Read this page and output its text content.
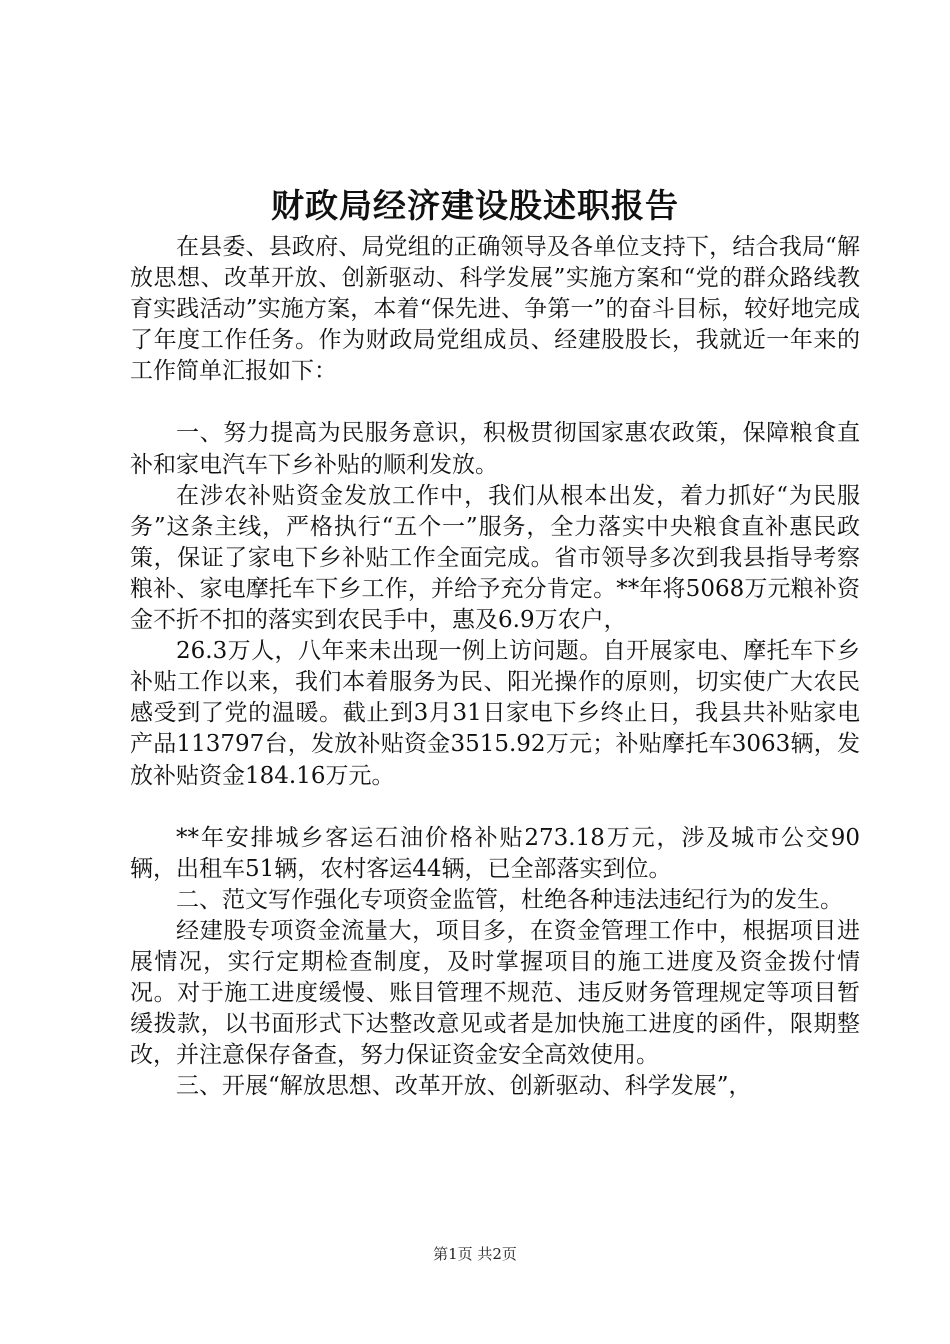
财政局经济建设股述职报告

在县委、县政府、局党组的正确领导及各单位支持下，结合我局“解放思想、改革开放、创新驱动、科学发展”实施方案和“党的群众路线教育实践活动”实施方案，本着“保先进、争第一”的奋斗目标，较好地完成了年度工作任务。作为财政局党组成员、经建股股长，我就近一年来的工作简单汇报如下：

一、努力提高为民服务意识，积极贯彻国家惠农政策，保障粮食直补和家电汽车下乡补贴的顺利发放。

在涉农补贴资金发放工作中，我们从根本出发，着力抓好“为民服务”这条主线，严格执行“五个一”服务，全力落实中央粮食直补惠民政策，保证了家电下乡补贴工作全面完成。省市领导多次到我县指导考察粮补、家电摩托车下乡工作，并给予充分肯定。**年将5068万元粮补资金不折不扣的落实到农民手中，惠及6.9万农户，

26.3万人，八年来未出现一例上访问题。自开展家电、摩托车下乡补贴工作以来，我们本着服务为民、阳光操作的原则，切实使广大农民感受到了党的温暖。截止到3月31日家电下乡终止日，我县共补贴家电产品113797台，发放补贴资金3515.92万元；补贴摩托车3063辆，发放补贴资金184.16万元。

**年安排城乡客运石油价格补贴273.18万元，涉及城市公交90辆，出租车51辆，农村客运44辆，已全部落实到位。

二、范文写作强化专项资金监管，杜绝各种违法违纪行为的发生。

经建股专项资金流量大，项目多，在资金管理工作中，根据项目进展情况，实行定期检查制度，及时掌握项目的施工进度及资金拨付情况。对于施工进度缓慢、账目管理不规范、违反财务管理规定等项目暂缓拨款，以书面形式下达整改意见或者是加快施工进度的函件，限期整改，并注意保存备查，努力保证资金安全高效使用。

三、开展“解放思想、改革开放、创新驱动、科学发展”，

第1页 共2页
